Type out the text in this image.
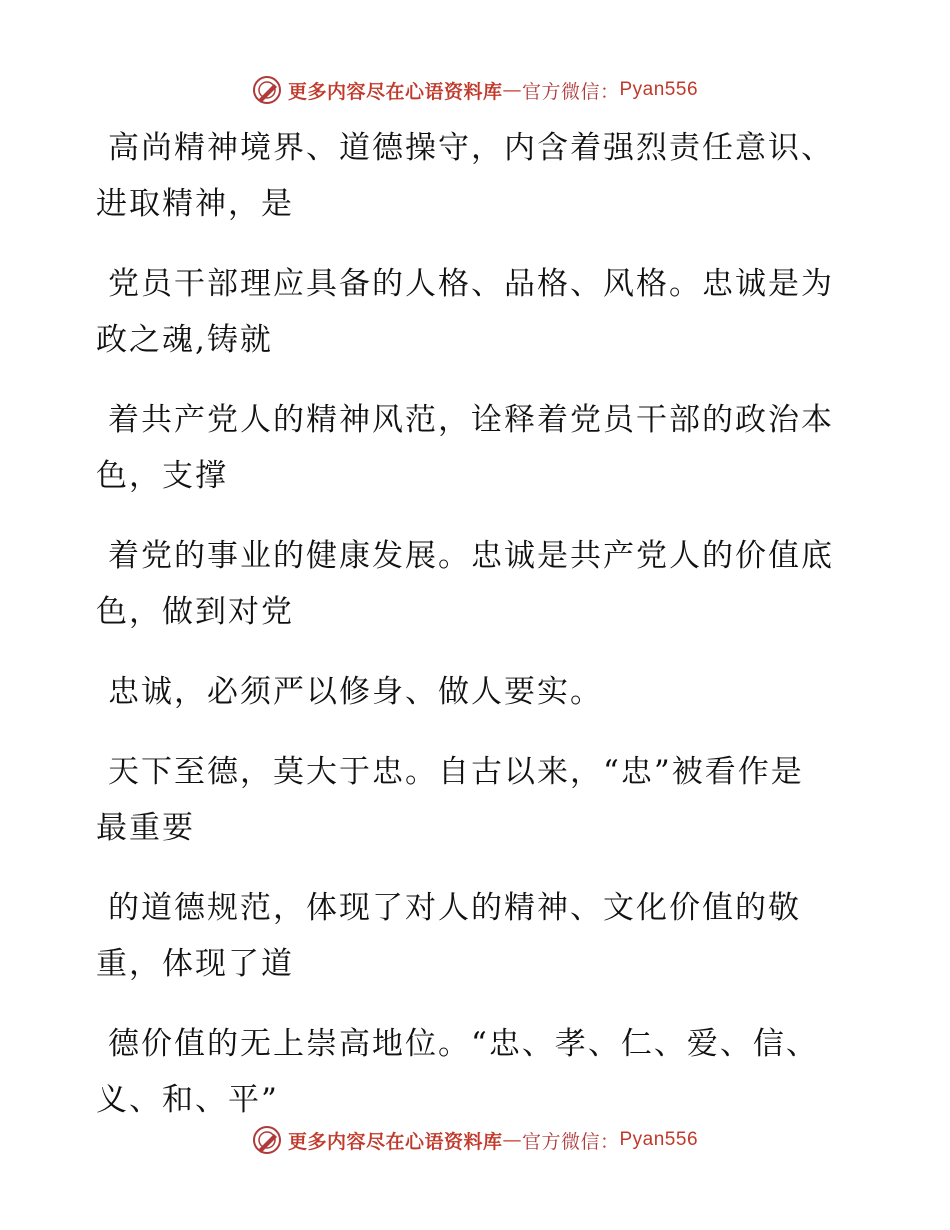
更多内容尽在心语资料库 — 官方微信： Pyan556

高尚精神境界、道德操守，内含着强烈责任意识、进取精神，是

党员干部理应具备的人格、品格、风格。忠诚是为政之魂,铸就

着共产党人的精神风范，诠释着党员干部的政治本色，支撑

着党的事业的健康发展。忠诚是共产党人的价值底色，做到对党

忠诚，必须严以修身、做人要实。

天下至德，莫大于忠。自古以来，“忠”被看作是最重要

的道德规范，体现了对人的精神、文化价值的敬重，体现了道

德价值的无上崇高地位。“忠、孝、仁、爱、信、义、和、平”

更多内容尽在心语资料库 — 官方微信： Pyan556
